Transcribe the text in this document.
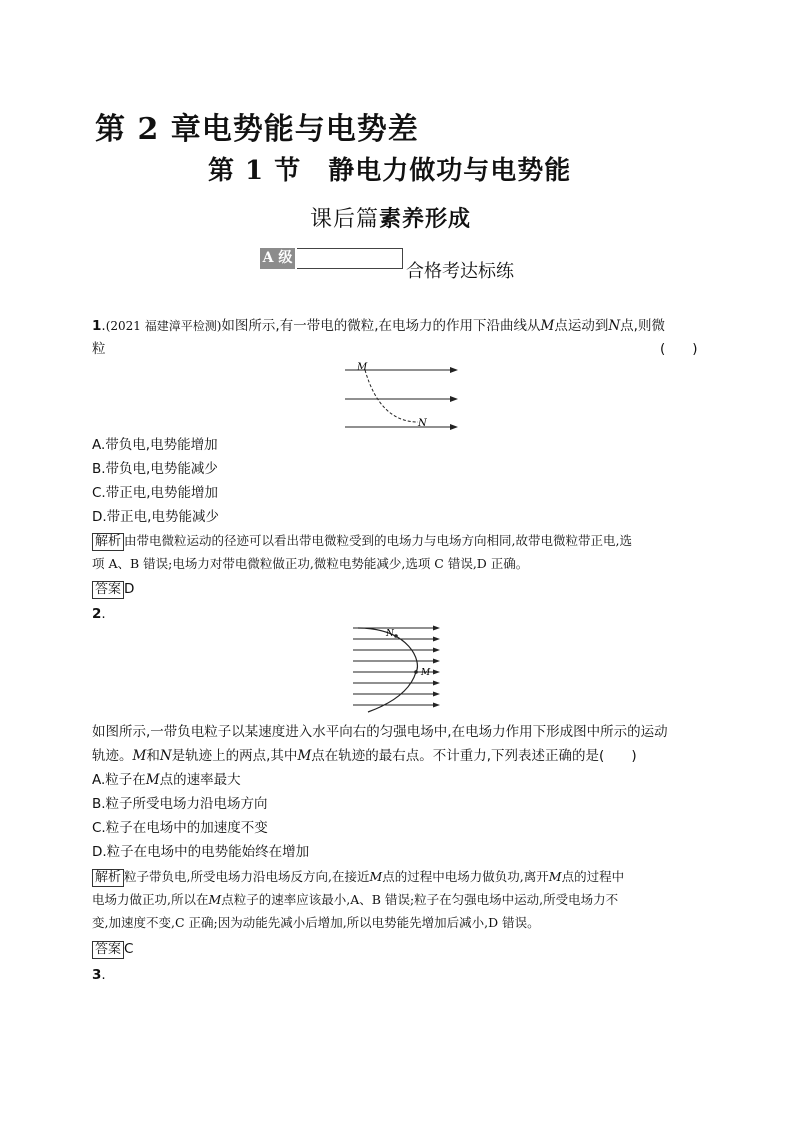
第 2 章电势能与电势差
第 1 节　静电力做功与电势能
课后篇素养形成
A 级
合格考达标练
1.(2021 福建漳平检测)如图所示,有一带电的微粒,在电场力的作用下沿曲线从M点运动到N点,则微
粒	(　　)
M
N
A.带负电,电势能增加
B.带负电,电势能减少
C.带正电,电势能增加
D.带正电,电势能减少
解析 由带电微粒运动的径迹可以看出带电微粒受到的电场力与电场方向相同,故带电微粒带正电,选
项 A、B 错误;电场力对带电微粒做正功,微粒电势能减少,选项 C 错误,D 正确。
答案 D
2.
N
M
如图所示,一带负电粒子以某速度进入水平向右的匀强电场中,在电场力作用下形成图中所示的运动
轨迹。M和N是轨迹上的两点,其中M点在轨迹的最右点。不计重力,下列表述正确的是(　　)
A.粒子在M点的速率最大
B.粒子所受电场力沿电场方向
C.粒子在电场中的加速度不变
D.粒子在电场中的电势能始终在增加
解析 粒子带负电,所受电场力沿电场反方向,在接近M点的过程中电场力做负功,离开M点的过程中
电场力做正功,所以在M点粒子的速率应该最小,A、B 错误;粒子在匀强电场中运动,所受电场力不
变,加速度不变,C 正确;因为动能先减小后增加,所以电势能先增加后减小,D 错误。
答案 C
3.
